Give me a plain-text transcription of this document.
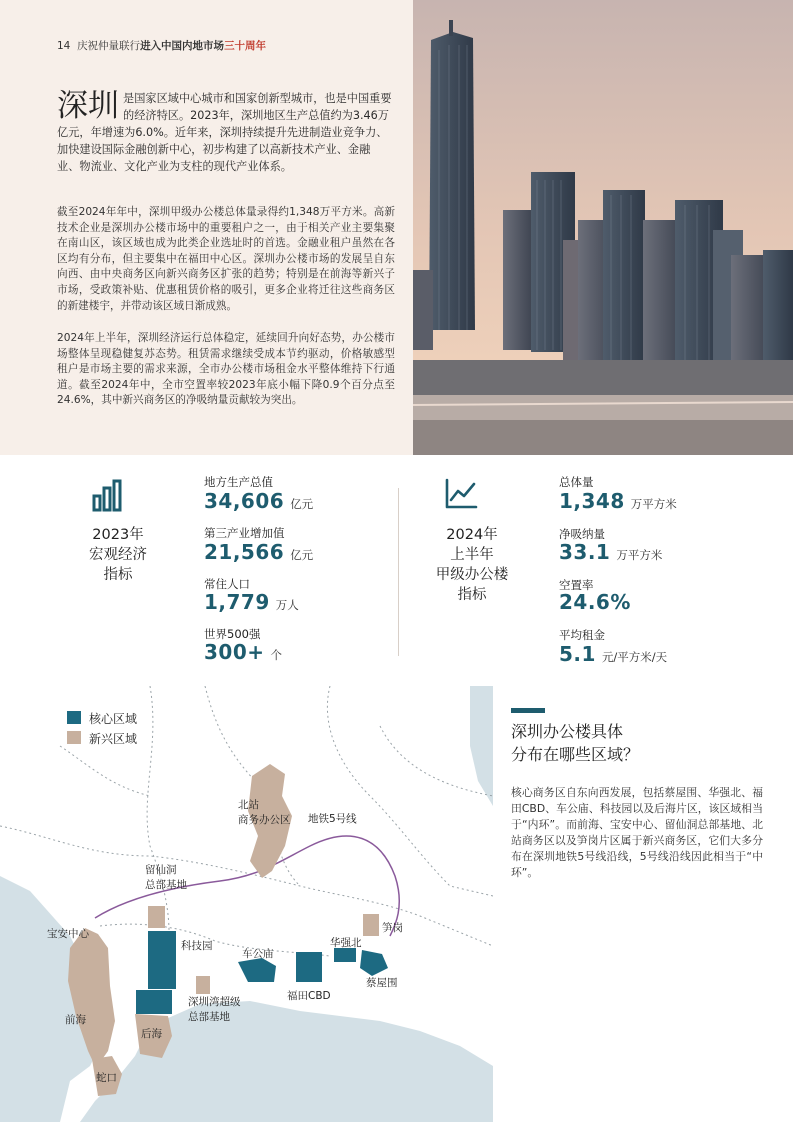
14 庆祝仲量联行进入中国内地市场三十周年
深圳 是国家区域中心城市和国家创新型城市，也是中国重要的经济特区。2023年，深圳地区生产总值约为3.46万亿元，年增速为6.0%。近年来，深圳持续提升先进制造业竞争力、加快建设国际金融创新中心，初步构建了以高新技术产业、金融业、物流业、文化产业为支柱的现代产业体系。
截至2024年年中，深圳甲级办公楼总体量录得约1,348万平方米。高新技术企业是深圳办公楼市场中的重要租户之一，由于相关产业主要集聚在南山区，该区域也成为此类企业选址时的首选。金融业租户虽然在各区均有分布，但主要集中在福田中心区。深圳办公楼市场的发展呈自东向西、由中央商务区向新兴商务区扩张的趋势；特别是在前海等新兴子市场，受政策补贴、优惠租赁价格的吸引，更多企业将迁往这些商务区的新建楼宇，并带动该区域日渐成熟。
2024年上半年，深圳经济运行总体稳定，延续回升向好态势，办公楼市场整体呈现稳健复苏态势。租赁需求继续受成本节约驱动，价格敏感型租户是市场主要的需求来源，全市办公楼市场租金水平整体维持下行通道。截至2024年中，全市空置率较2023年底小幅下降0.9个百分点至24.6%，其中新兴商务区的净吸纳量贡献较为突出。
2023年
宏观经济
指标
地方生产总值
34,606 亿元
第三产业增加值
21,566 亿元
常住人口
1,779 万人
世界500强
300+ 个
2024年
上半年
甲级办公楼
指标
总体量
1,348 万平方米
净吸纳量
33.1 万平方米
空置率
24.6%
平均租金
5.1 元/平方米/天
核心区域
新兴区域
北站
商务办公区 地铁5号线
留仙洞
总部基地
宝安中心
科技园
车公庙
华强北
笋岗
蔡屋围
福田CBD
深圳湾超级
总部基地
前海
后海
蛇口
深圳办公楼具体
分布在哪些区域？
核心商务区自东向西发展，包括蔡屋围、华强北、福田CBD、车公庙、科技园以及后海片区，该区域相当于“内环”。而前海、宝安中心、留仙洞总部基地、北站商务区以及笋岗片区属于新兴商务区，它们大多分布在深圳地铁5号线沿线，5号线沿线因此相当于“中环”。
